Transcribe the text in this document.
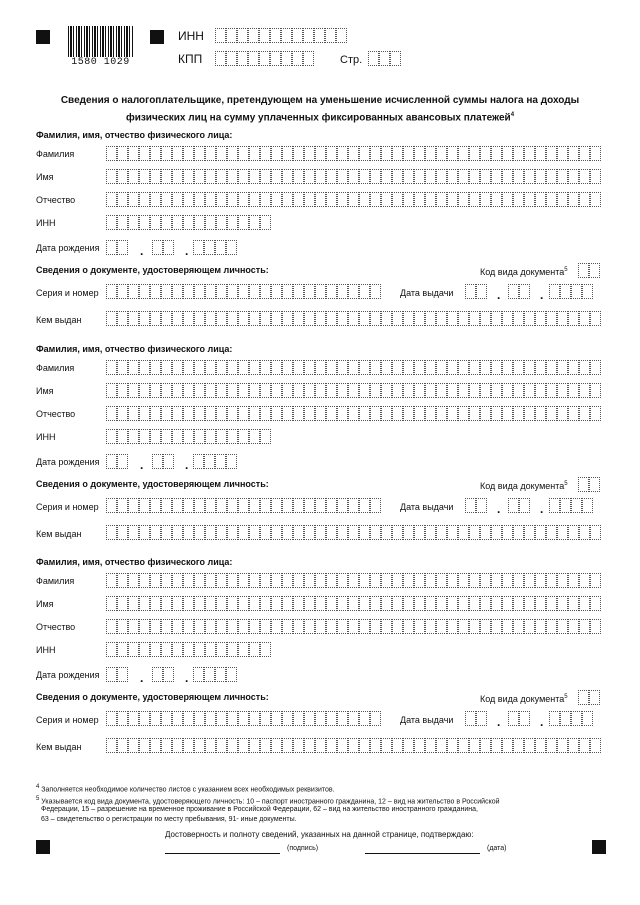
1580 1029
ИНН
КПП	Стр.
Сведения о налогоплательщике, претендующем на уменьшение исчисленной суммы налога на доходы
физических лиц на сумму уплаченных фиксированных авансовых платежей$^4$
Фамилия, имя, отчество физического лица:
Фамилия
Имя
Отчество
ИНН
Дата рождения	.	.
Сведения о документе, удостоверяющем личность:	Код вида документа$^5$
Серия и номер	Дата выдачи	.	.
Кем выдан
Фамилия, имя, отчество физического лица:
Фамилия
Имя
Отчество
ИНН
Дата рождения	.	.
Сведения о документе, удостоверяющем личность:	Код вида документа$^5$
Серия и номер	Дата выдачи	.	.
Кем выдан
Фамилия, имя, отчество физического лица:
Фамилия
Имя
Отчество
ИНН
Дата рождения	.	.
Сведения о документе, удостоверяющем личность:	Код вида документа$^5$
Серия и номер	Дата выдачи	.	.
Кем выдан
$^4$ Заполняется необходимое количество листов с указанием всех необходимых реквизитов.
$^5$ Указывается код вида документа, удостоверяющего личность: 10 – паспорт иностранного гражданина, 12 – вид на жительство в Российской
Федерации, 15 – разрешение на временное проживание в Российской Федерации, 62 – вид на жительство иностранного гражданина,
63 – свидетельство о регистрации по месту пребывания, 91- иные документы.
Достоверность и полноту сведений, указанных на данной странице, подтверждаю:
(подпись)	(дата)
